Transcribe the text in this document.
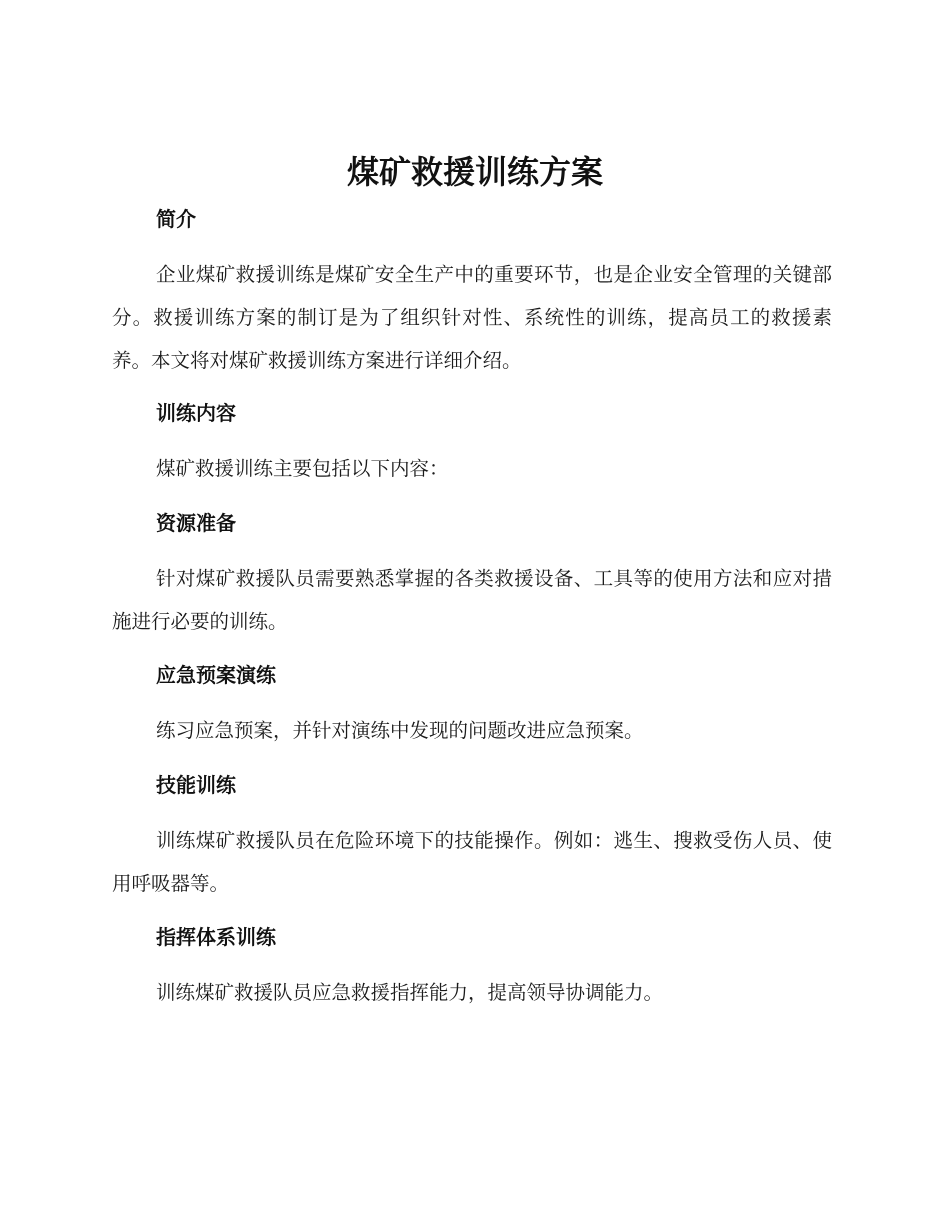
煤矿救援训练方案
简介

企业煤矿救援训练是煤矿安全生产中的重要环节，也是企业安全管理的关键部分。救援训练方案的制订是为了组织针对性、系统性的训练，提高员工的救援素养。本文将对煤矿救援训练方案进行详细介绍。

训练内容

煤矿救援训练主要包括以下内容：

资源准备

针对煤矿救援队员需要熟悉掌握的各类救援设备、工具等的使用方法和应对措施进行必要的训练。

应急预案演练

练习应急预案，并针对演练中发现的问题改进应急预案。

技能训练

训练煤矿救援队员在危险环境下的技能操作。例如：逃生、搜救受伤人员、使用呼吸器等。

指挥体系训练

训练煤矿救援队员应急救援指挥能力，提高领导协调能力。
